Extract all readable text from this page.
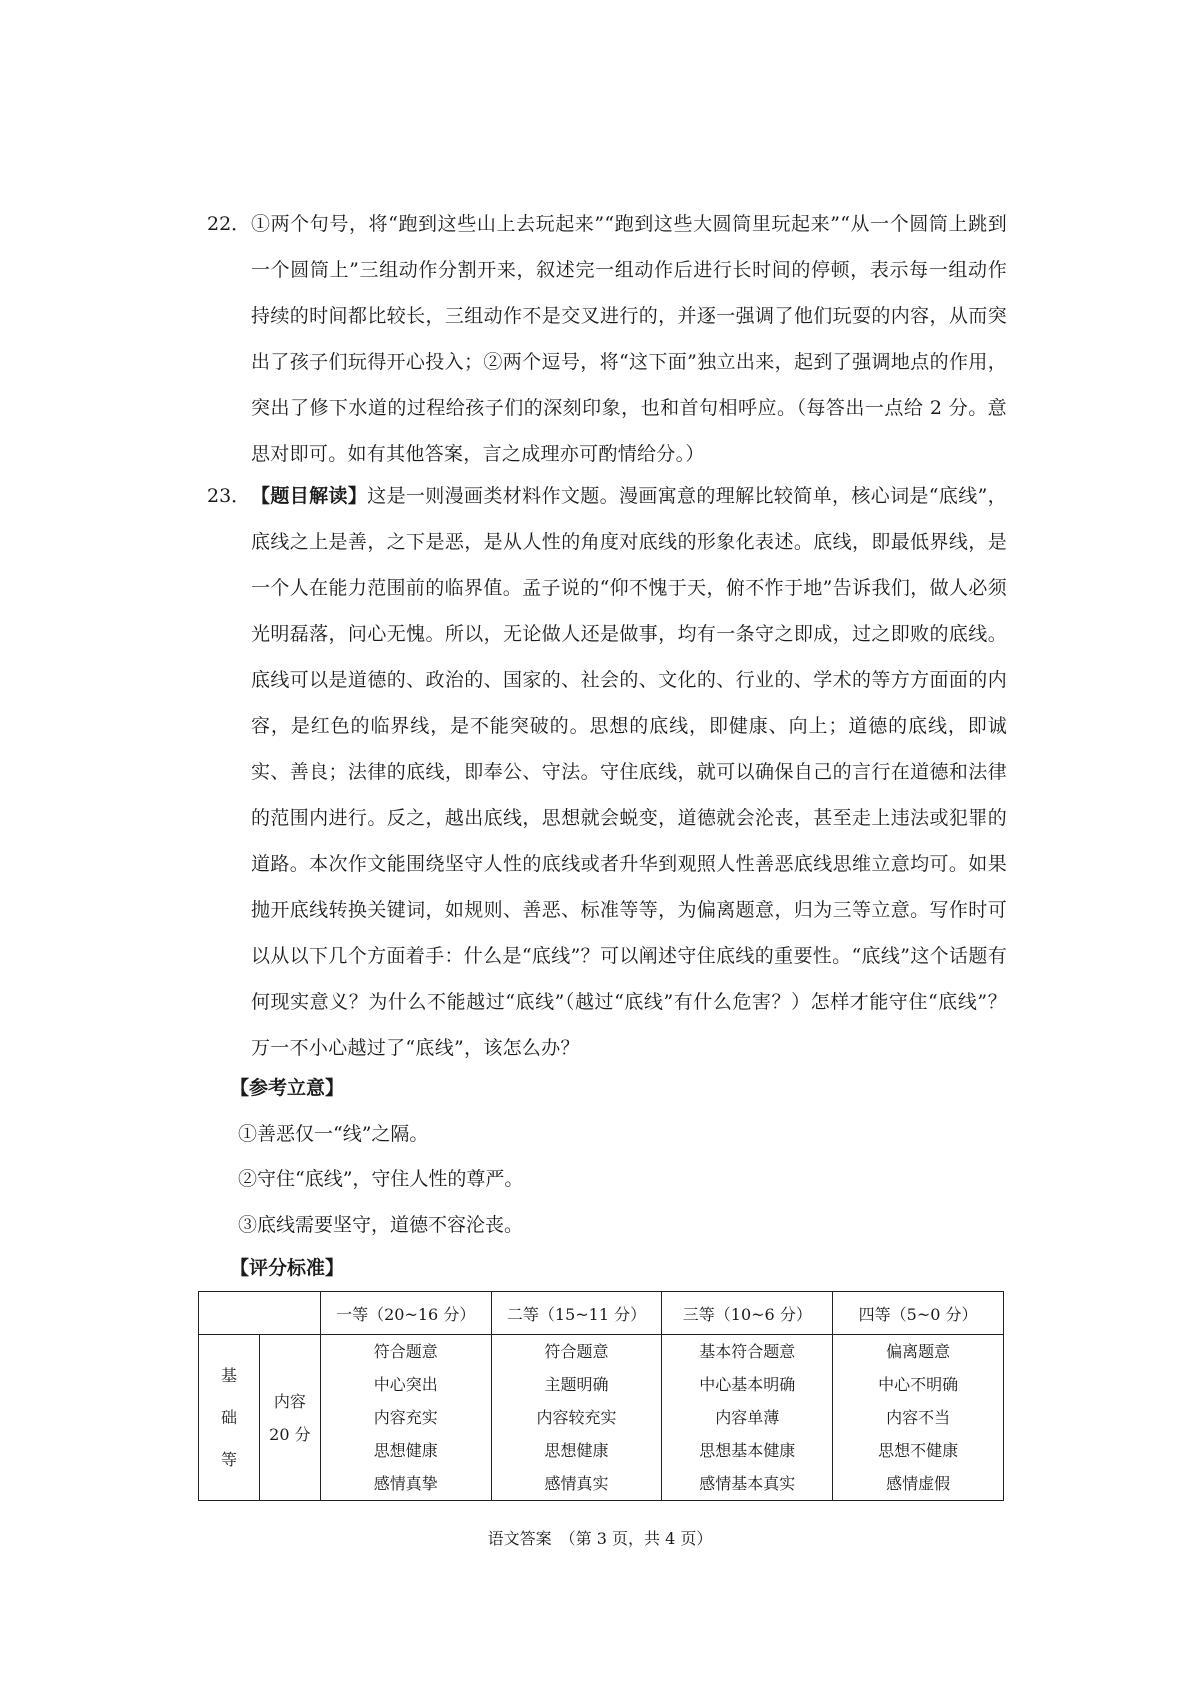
22． ①两个句号，将“跑到这些山上去玩起来”“跑到这些大圆筒里玩起来”“从一个圆筒上跳到一个圆筒上”三组动作分割开来，叙述完一组动作后进行长时间的停顿，表示每一组动作持续的时间都比较长，三组动作不是交叉进行的，并逐一强调了他们玩耍的内容，从而突出了孩子们玩得开心投入；②两个逗号，将“这下面”独立出来，起到了强调地点的作用，突出了修下水道的过程给孩子们的深刻印象，也和首句相呼应。（每答出一点给 2 分。意思对即可。如有其他答案，言之成理亦可酌情给分。）
23． 【题目解读】这是一则漫画类材料作文题。漫画寓意的理解比较简单，核心词是“底线”，底线之上是善，之下是恶，是从人性的角度对底线的形象化表述。底线，即最低界线，是一个人在能力范围前的临界值。孟子说的“仰不愧于天，俯不怍于地”告诉我们，做人必须光明磊落，问心无愧。所以，无论做人还是做事，均有一条守之即成，过之即败的底线。底线可以是道德的、政治的、国家的、社会的、文化的、行业的、学术的等方方面面的内容，是红色的临界线，是不能突破的。思想的底线，即健康、向上；道德的底线，即诚实、善良；法律的底线，即奉公、守法。守住底线，就可以确保自己的言行在道德和法律的范围内进行。反之，越出底线，思想就会蜕变，道德就会沦丧，甚至走上违法或犯罪的道路。本次作文能围绕坚守人性的底线或者升华到观照人性善恶底线思维立意均可。如果抛开底线转换关键词，如规则、善恶、标准等等，为偏离题意，归为三等立意。写作时可以从以下几个方面着手：什么是“底线”？可以阐述守住底线的重要性。“底线”这个话题有何现实意义？为什么不能越过“底线”（越过“底线”有什么危害？）怎样才能守住“底线”？万一不小心越过了“底线”，该怎么办？
【参考立意】
①善恶仅一“线”之隔。
②守住“底线”，守住人性的尊严。
③底线需要坚守，道德不容沦丧。
【评分标准】
		一等（20~16 分）	二等（15~11 分）	三等（10~6 分）	四等（5~0 分）

基
础
等	内容
20 分	符合题意
中心突出
内容充实
思想健康
感情真挚	符合题意
主题明确
内容较充实
思想健康
感情真实	基本符合题意
中心基本明确
内容单薄
思想基本健康
感情基本真实	偏离题意
中心不明确
内容不当
思想不健康
感情虚假
语文答案　（第 3 页，共 4 页）
